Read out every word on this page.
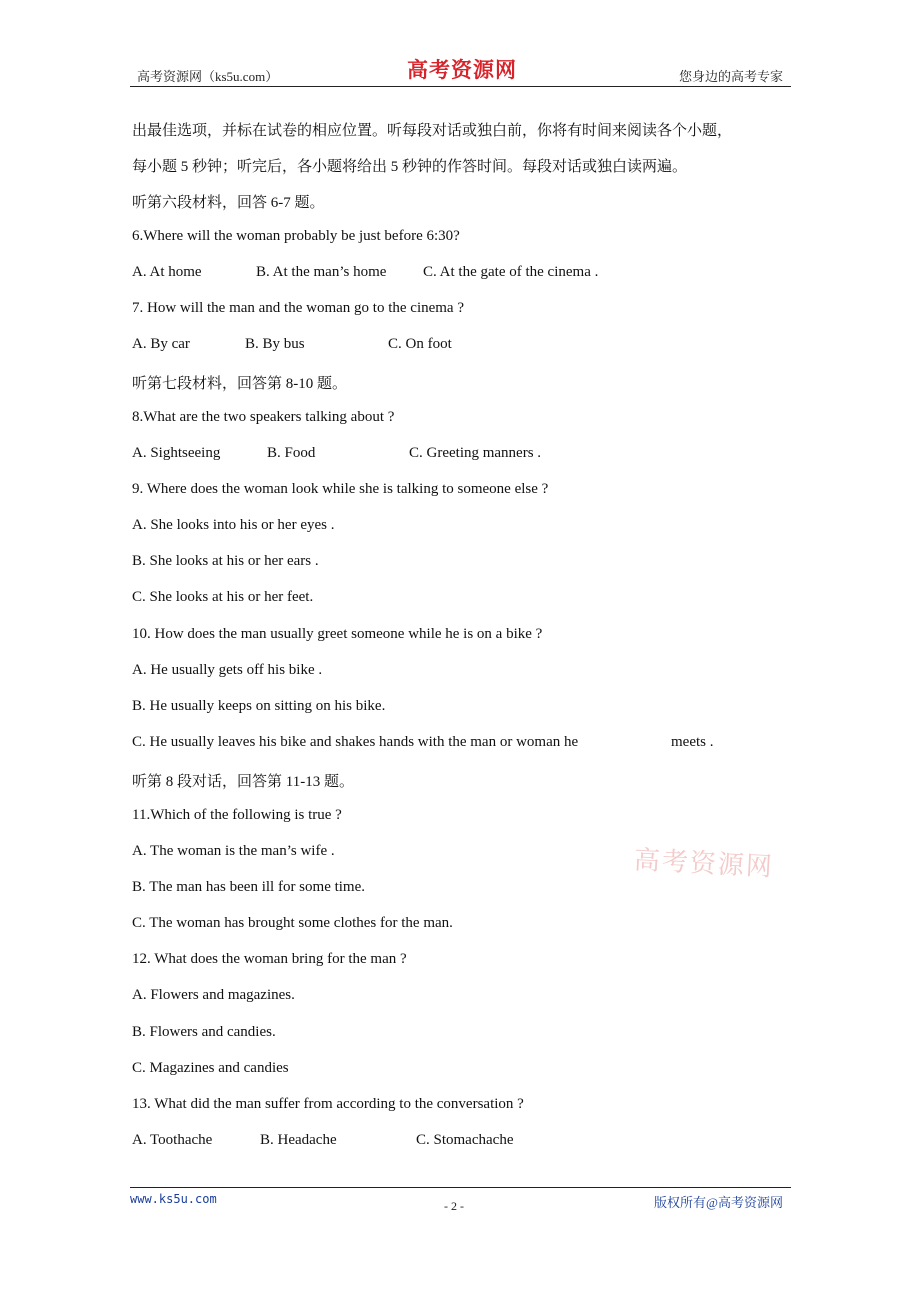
高考资源网（ks5u.com）	高考资源网	您身边的高考专家
出最佳选项，并标在试卷的相应位置。听每段对话或独白前，你将有时间来阅读各个小题，
每小题 5 秒钟；听完后，各小题将给出 5 秒钟的作答时间。每段对话或独白读两遍。
听第六段材料，回答 6-7 题。
6.Where will the woman probably be just before 6:30?
A. At home	B. At the man’s home C. At the gate of the cinema .
7. How will the man and the woman go to the cinema ?
A. By car	B. By bus	C. On foot
听第七段材料，回答第 8-10 题。
8.What are the two speakers talking about ?
A. Sightseeing	B. Food	C. Greeting manners .
9. Where does the woman look while she is talking to someone else ?
A. She looks into his or her eyes .
B. She looks at his or her ears .
C. She looks at his or her feet.
10. How does the man usually greet someone while he is on a bike ?
A. He usually gets off his bike .
B. He usually keeps on sitting on his bike.
C. He usually leaves his bike and shakes hands with the man or woman he	meets .
听第 8 段对话，回答第 11-13 题。
11.Which of the following is true ?
A. The woman is the man’s wife .
B. The man has been ill for some time.
C. The woman has brought some clothes for the man.
12. What does the woman bring for the man ?
A. Flowers and magazines.
B. Flowers and candies.
C. Magazines and candies
13. What did the man suffer from according to the conversation ?
A. Toothache	B. Headache	C. Stomachache
高考资源网
www.ks5u.com	- 2 -	版权所有@高考资源网
